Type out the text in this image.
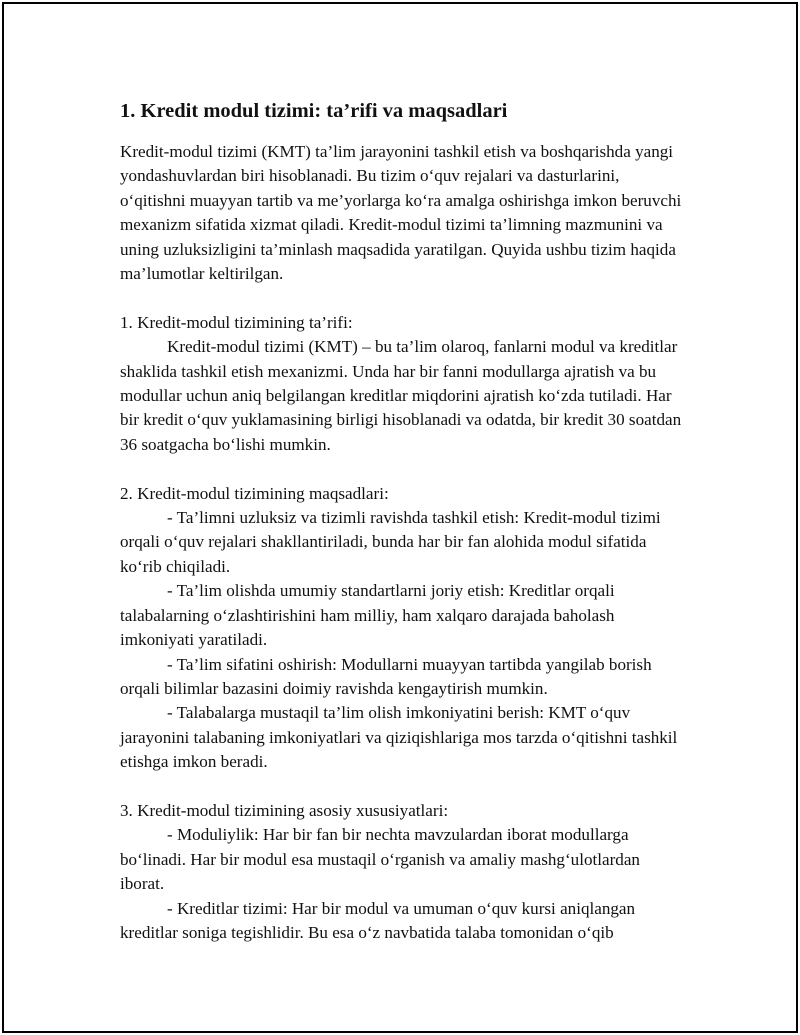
1. Kredit modul tizimi: ta’rifi va maqsadlari

Kredit-modul tizimi (KMT) ta’lim jarayonini tashkil etish va boshqarishda yangi yondashuvlardan biri hisoblanadi. Bu tizim oʻquv rejalari va dasturlarini, oʻqitishni muayyan tartib va me’yorlarga koʻra amalga oshirishga imkon beruvchi mexanizm sifatida xizmat qiladi. Kredit-modul tizimi ta’limning mazmunini va uning uzluksizligini ta’minlash maqsadida yaratilgan. Quyida ushbu tizim haqida ma’lumotlar keltirilgan.

1. Kredit-modul tizimining ta’rifi:

Kredit-modul tizimi (KMT) – bu ta’lim olaroq, fanlarni modul va kreditlar shaklida tashkil etish mexanizmi. Unda har bir fanni modullarga ajratish va bu modullar uchun aniq belgilangan kreditlar miqdorini ajratish koʻzda tutiladi. Har bir kredit oʻquv yuklamasining birligi hisoblanadi va odatda, bir kredit 30 soatdan 36 soatgacha boʻlishi mumkin.

2. Kredit-modul tizimining maqsadlari:

- Ta’limni uzluksiz va tizimli ravishda tashkil etish: Kredit-modul tizimi orqali oʻquv rejalari shakllantiriladi, bunda har bir fan alohida modul sifatida koʻrib chiqiladi.

- Ta’lim olishda umumiy standartlarni joriy etish: Kreditlar orqali talabalarning oʻzlashtirishini ham milliy, ham xalqaro darajada baholash imkoniyati yaratiladi.

- Ta’lim sifatini oshirish: Modullarni muayyan tartibda yangilab borish orqali bilimlar bazasini doimiy ravishda kengaytirish mumkin.

- Talabalarga mustaqil ta’lim olish imkoniyatini berish: KMT oʻquv jarayonini talabaning imkoniyatlari va qiziqishlariga mos tarzda oʻqitishni tashkil etishga imkon beradi.

3. Kredit-modul tizimining asosiy xususiyatlari:

- Moduliylik: Har bir fan bir nechta mavzulardan iborat modullarga boʻlinadi. Har bir modul esa mustaqil oʻrganish va amaliy mashgʻulotlardan iborat.

- Kreditlar tizimi: Har bir modul va umuman oʻquv kursi aniqlangan kreditlar soniga tegishlidir. Bu esa oʻz navbatida talaba tomonidan oʻqib
